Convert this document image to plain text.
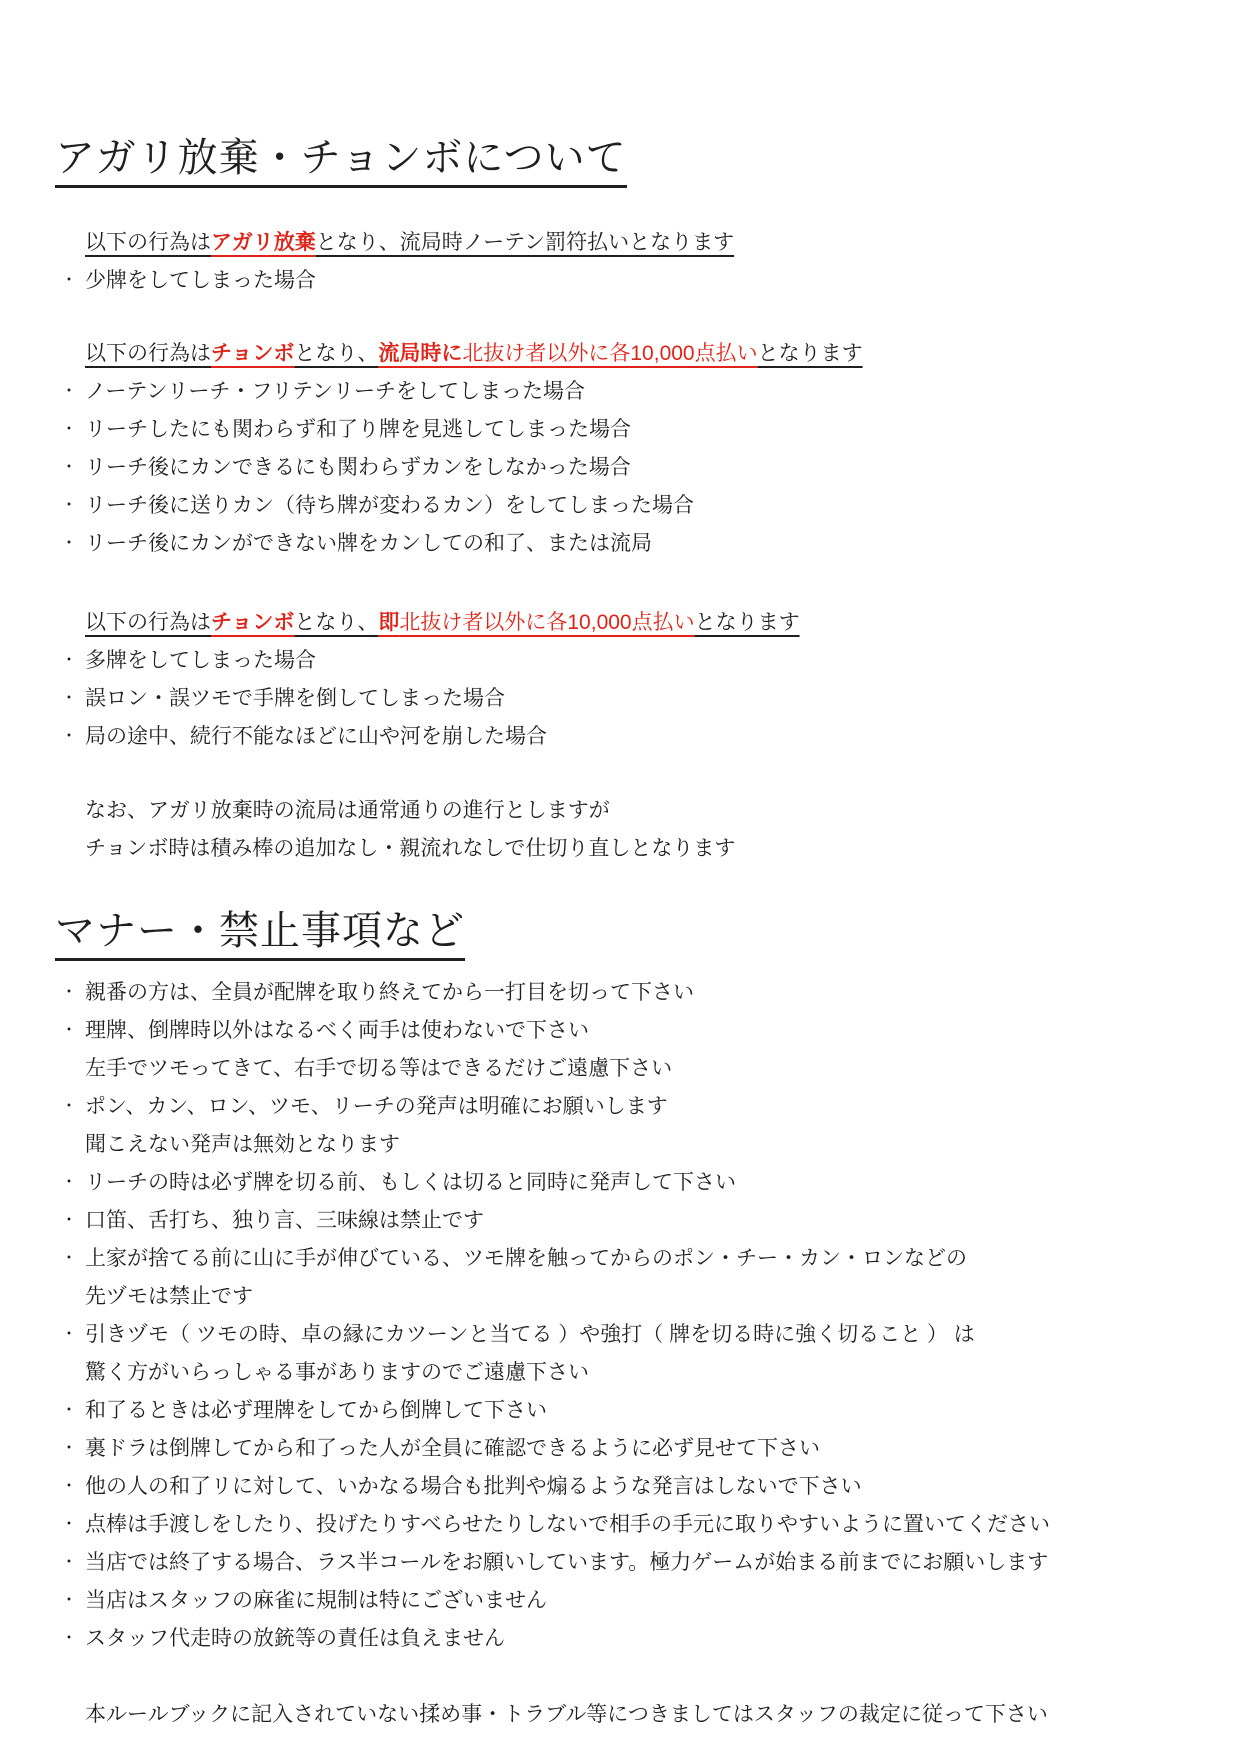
アガリ放棄・チョンボについて
以下の行為はアガリ放棄となり、流局時ノーテン罰符払いとなります
・ 少牌をしてしまった場合
以下の行為はチョンボとなり、流局時に北抜け者以外に各10,000点払いとなります
・ ノーテンリーチ・フリテンリーチをしてしまった場合
・ リーチしたにも関わらず和了り牌を見逃してしまった場合
・ リーチ後にカンできるにも関わらずカンをしなかった場合
・ リーチ後に送りカン（待ち牌が変わるカン）をしてしまった場合
・ リーチ後にカンができない牌をカンしての和了、または流局
以下の行為はチョンボとなり、即北抜け者以外に各10,000点払いとなります
・ 多牌をしてしまった場合
・ 誤ロン・誤ツモで手牌を倒してしまった場合
・ 局の途中、続行不能なほどに山や河を崩した場合
なお、アガリ放棄時の流局は通常通りの進行としますが
チョンボ時は積み棒の追加なし・親流れなしで仕切り直しとなります
マナー・禁止事項など
・ 親番の方は、全員が配牌を取り終えてから一打目を切って下さい
・ 理牌、倒牌時以外はなるべく両手は使わないで下さい
左手でツモってきて、右手で切る等はできるだけご遠慮下さい
・ ポン、カン、ロン、ツモ、リーチの発声は明確にお願いします
聞こえない発声は無効となります
・ リーチの時は必ず牌を切る前、もしくは切ると同時に発声して下さい
・ 口笛、舌打ち、独り言、三味線は禁止です
・ 上家が捨てる前に山に手が伸びている、ツモ牌を触ってからのポン・チー・カン・ロンなどの
先ヅモは禁止です
・ 引きヅモ（ ツモの時、卓の縁にカツーンと当てる ）や強打（ 牌を切る時に強く切ること ） は
驚く方がいらっしゃる事がありますのでご遠慮下さい
・ 和了るときは必ず理牌をしてから倒牌して下さい
・ 裏ドラは倒牌してから和了った人が全員に確認できるように必ず見せて下さい
・ 他の人の和了リに対して、いかなる場合も批判や煽るような発言はしないで下さい
・ 点棒は手渡しをしたり、投げたりすべらせたりしないで相手の手元に取りやすいように置いてください
・ 当店では終了する場合、ラス半コールをお願いしています。極力ゲームが始まる前までにお願いします
・ 当店はスタッフの麻雀に規制は特にございません
・ スタッフ代走時の放銃等の責任は負えません
本ルールブックに記入されていない揉め事・トラブル等につきましてはスタッフの裁定に従って下さい
